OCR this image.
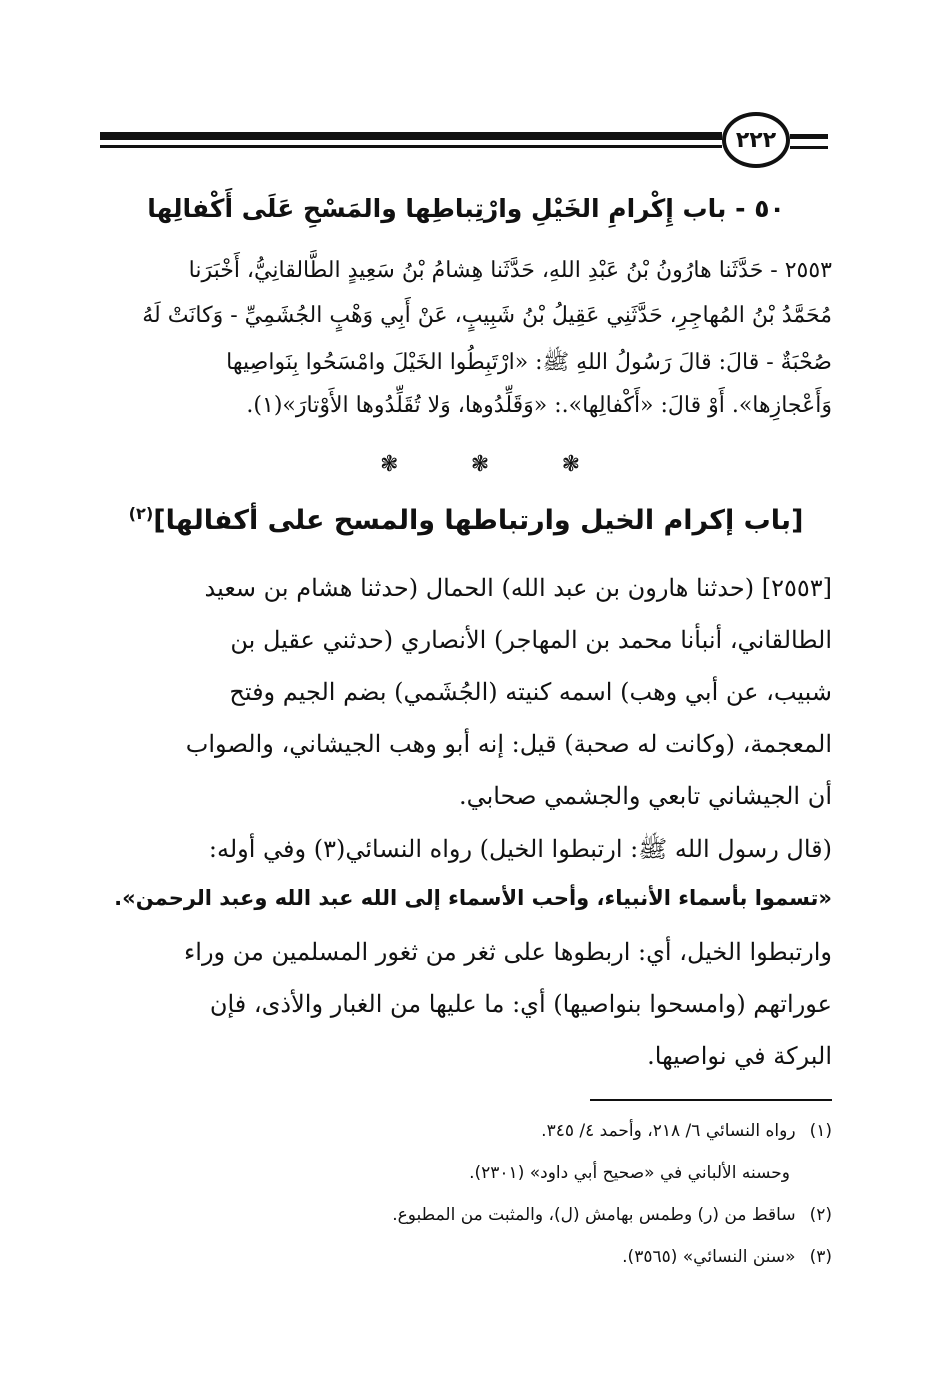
٢٢٢
٥٠ - باب إِكْرامِ الخَيْلِ وارْتِباطِها والمَسْحِ عَلَى أَكْفالِها
٢٥٥٣ - حَدَّثَنا هارُونُ بْنُ عَبْدِ اللهِ، حَدَّثَنا هِشامُ بْنُ سَعِيدٍ الطَّالقانِيُّ، أَخْبَرَنا
مُحَمَّدُ بْنُ المُهاجِرِ، حَدَّثَنِي عَقِيلُ بْنُ شَبِيبٍ، عَنْ أَبِي وَهْبٍ الجُشَمِيِّ - وَكانَتْ لَهُ
صُحْبَةٌ - قالَ: قالَ رَسُولُ اللهِ ﷺ: «ارْتَبِطُوا الخَيْلَ وامْسَحُوا بِنَواصِيها
وَأَعْجازِها». أَوْ قالَ: «أَكْفالِها».: «وَقَلِّدُوها، وَلا تُقَلِّدُوها الأَوْتارَ»(١).
❃	❃	❃
[باب إكرام الخيل وارتباطها والمسح على أكفالها]$^{(٢)}$
[٢٥٥٣] (حدثنا هارون بن عبد الله) الحمال (حدثنا هشام بن سعيد
الطالقاني، أنبأنا محمد بن المهاجر) الأنصاري (حدثني عقيل بن
شبيب، عن أبي وهب) اسمه كنيته (الجُشَمي) بضم الجيم وفتح
المعجمة، (وكانت له صحبة) قيل: إنه أبو وهب الجيشاني، والصواب
أن الجيشاني تابعي والجشمي صحابي.
(قال رسول الله ﷺ: ارتبطوا الخيل) رواه النسائي(٣) وفي أوله:
«تسموا بأسماء الأنبياء، وأحب الأسماء إلى الله عبد الله وعبد الرحمن».
وارتبطوا الخيل، أي: اربطوها على ثغر من ثغور المسلمين من وراء
عوراتهم (وامسحوا بنواصيها) أي: ما عليها من الغبار والأذى، فإن
البركة في نواصيها.
(١)رواه النسائي ٦/ ٢١٨، وأحمد ٤/ ٣٤٥.
وحسنه الألباني في «صحيح أبي داود» (٢٣٠١).
(٢)ساقط من (ر) وطمس بهامش (ل)، والمثبت من المطبوع.
(٣)«سنن النسائي» (٣٥٦٥).
